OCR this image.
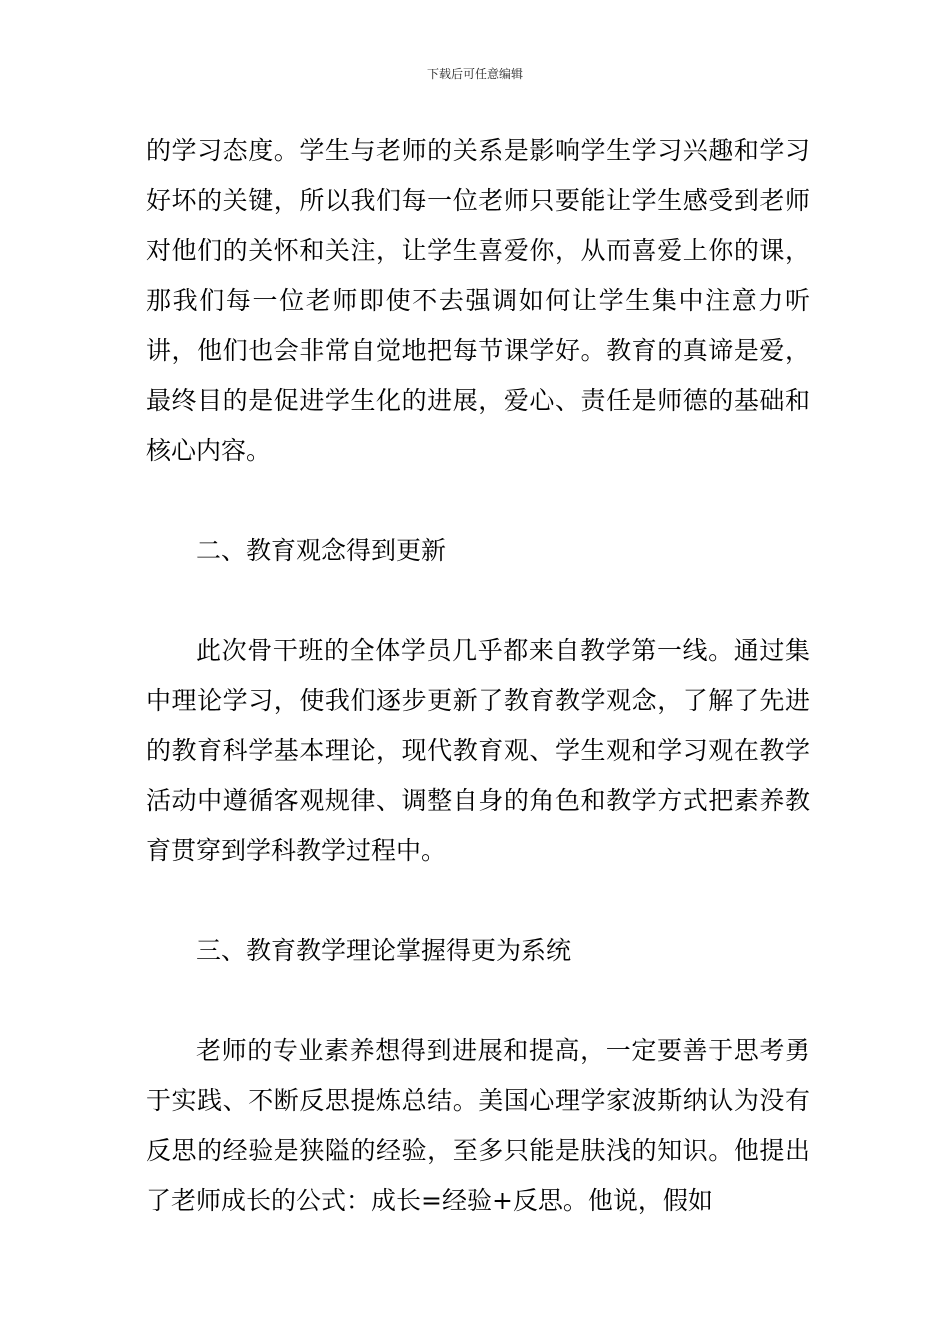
下载后可任意编辑

的学习态度。学生与老师的关系是影响学生学习兴趣和学习好坏的关键，所以我们每一位老师只要能让学生感受到老师对他们的关怀和关注，让学生喜爱你，从而喜爱上你的课，那我们每一位老师即使不去强调如何让学生集中注意力听讲，他们也会非常自觉地把每节课学好。教育的真谛是爱，最终目的是促进学生化的进展，爱心、责任是师德的基础和核心内容。

二、教育观念得到更新

此次骨干班的全体学员几乎都来自教学第一线。通过集中理论学习，使我们逐步更新了教育教学观念，了解了先进的教育科学基本理论，现代教育观、学生观和学习观在教学活动中遵循客观规律、调整自身的角色和教学方式把素养教育贯穿到学科教学过程中。

三、教育教学理论掌握得更为系统

老师的专业素养想得到进展和提高，一定要善于思考勇于实践、不断反思提炼总结。美国心理学家波斯纳认为没有反思的经验是狭隘的经验，至多只能是肤浅的知识。他提出了老师成长的公式：成长=经验+反思。他说，假如
